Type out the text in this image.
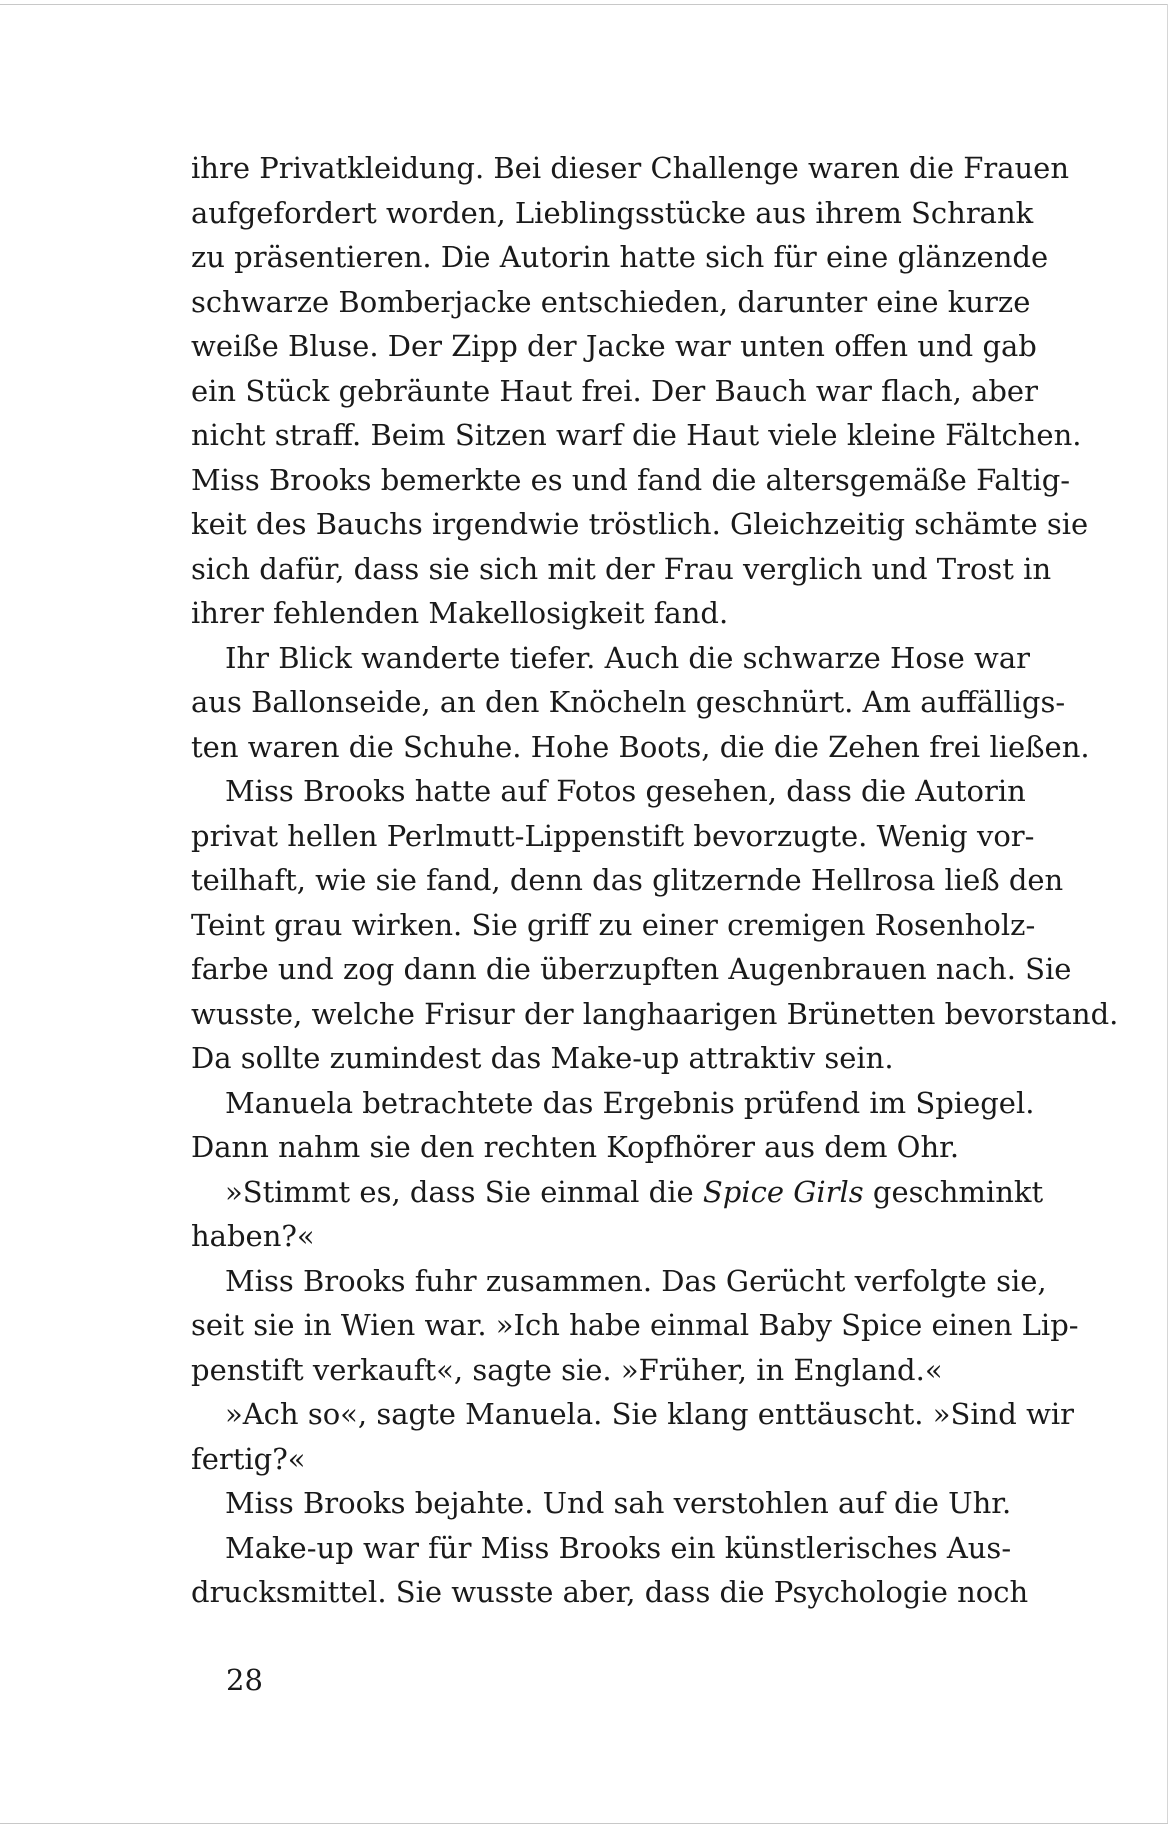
ihre Privatkleidung. Bei dieser Challenge waren die Frauen
aufgefordert worden, Lieblingsstücke aus ihrem Schrank
zu präsentieren. Die Autorin hatte sich für eine glänzende
schwarze Bomberjacke entschieden, darunter eine kurze
weiße Bluse. Der Zipp der Jacke war unten offen und gab
ein Stück gebräunte Haut frei. Der Bauch war flach, aber
nicht straff. Beim Sitzen warf die Haut viele kleine Fältchen.
Miss Brooks bemerkte es und fand die altersgemäße Faltig-
keit des Bauchs irgendwie tröstlich. Gleichzeitig schämte sie
sich dafür, dass sie sich mit der Frau verglich und Trost in
ihrer fehlenden Makellosigkeit fand.
Ihr Blick wanderte tiefer. Auch die schwarze Hose war
aus Ballonseide, an den Knöcheln geschnürt. Am auffälligs-
ten waren die Schuhe. Hohe Boots, die die Zehen frei ließen.
Miss Brooks hatte auf Fotos gesehen, dass die Autorin
privat hellen Perlmutt-Lippenstift bevorzugte. Wenig vor-
teilhaft, wie sie fand, denn das glitzernde Hellrosa ließ den
Teint grau wirken. Sie griff zu einer cremigen Rosenholz-
farbe und zog dann die überzupften Augenbrauen nach. Sie
wusste, welche Frisur der langhaarigen Brünetten bevorstand.
Da sollte zumindest das Make-up attraktiv sein.
Manuela betrachtete das Ergebnis prüfend im Spiegel.
Dann nahm sie den rechten Kopfhörer aus dem Ohr.
»Stimmt es, dass Sie einmal die Spice Girls geschminkt
haben?«
Miss Brooks fuhr zusammen. Das Gerücht verfolgte sie,
seit sie in Wien war. »Ich habe einmal Baby Spice einen Lip-
penstift verkauft«, sagte sie. »Früher, in England.«
»Ach so«, sagte Manuela. Sie klang enttäuscht. »Sind wir
fertig?«
Miss Brooks bejahte. Und sah verstohlen auf die Uhr.
Make-up war für Miss Brooks ein künstlerisches Aus-
drucksmittel. Sie wusste aber, dass die Psychologie noch
28
